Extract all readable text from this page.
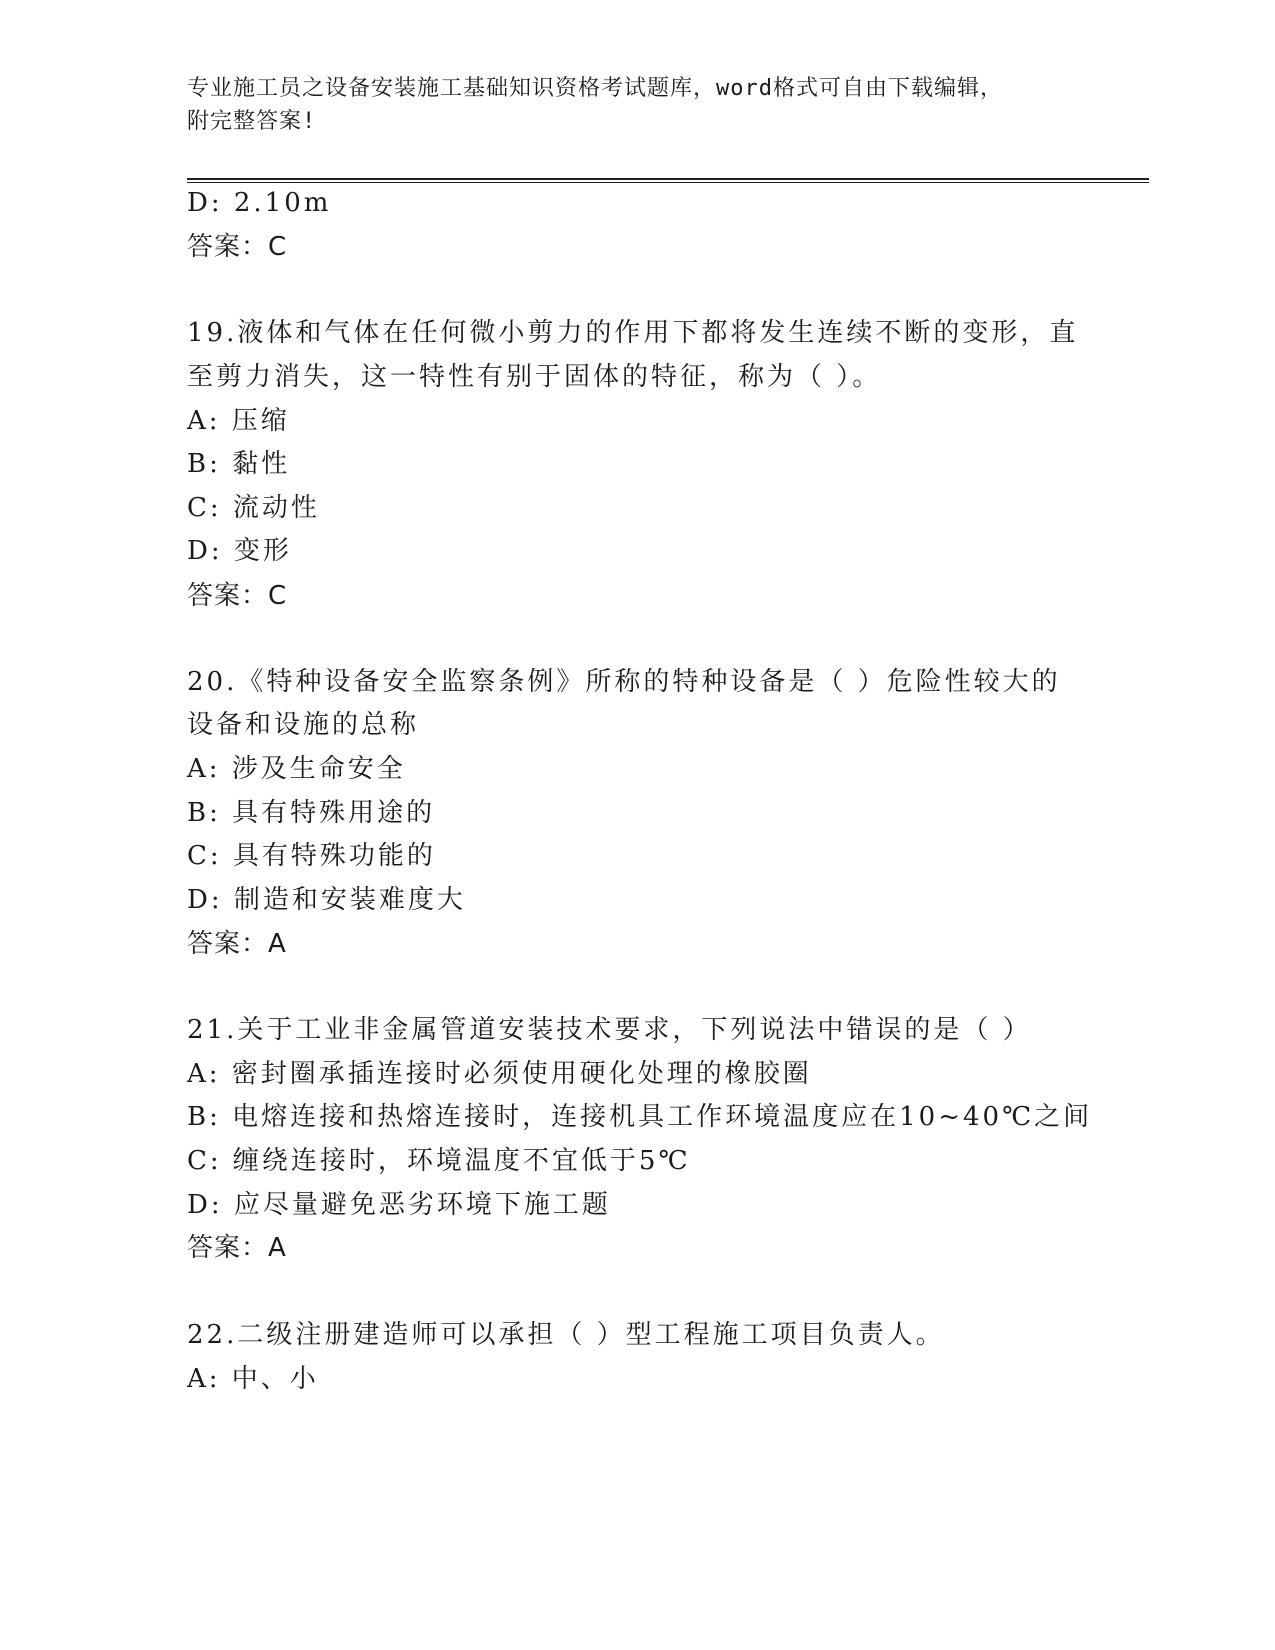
专业施工员之设备安装施工基础知识资格考试题库，word格式可自由下载编辑，
附完整答案!
D: 2.10m
答案：C
19.液体和气体在任何微小剪力的作用下都将发生连续不断的变形，直
至剪力消失，这一特性有别于固体的特征，称为（ ）。
A: 压缩
B: 黏性
C: 流动性
D: 变形
答案：C
20.《特种设备安全监察条例》所称的特种设备是（ ）危险性较大的
设备和设施的总称
A: 涉及生命安全
B: 具有特殊用途的
C: 具有特殊功能的
D: 制造和安装难度大
答案：A
21.关于工业非金属管道安装技术要求，下列说法中错误的是（ ）
A: 密封圈承插连接时必须使用硬化处理的橡胶圈
B: 电熔连接和热熔连接时，连接机具工作环境温度应在10~40℃之间
C: 缠绕连接时，环境温度不宜低于5℃
D: 应尽量避免恶劣环境下施工题
答案：A
22.二级注册建造师可以承担（ ）型工程施工项目负责人。
A: 中、小
